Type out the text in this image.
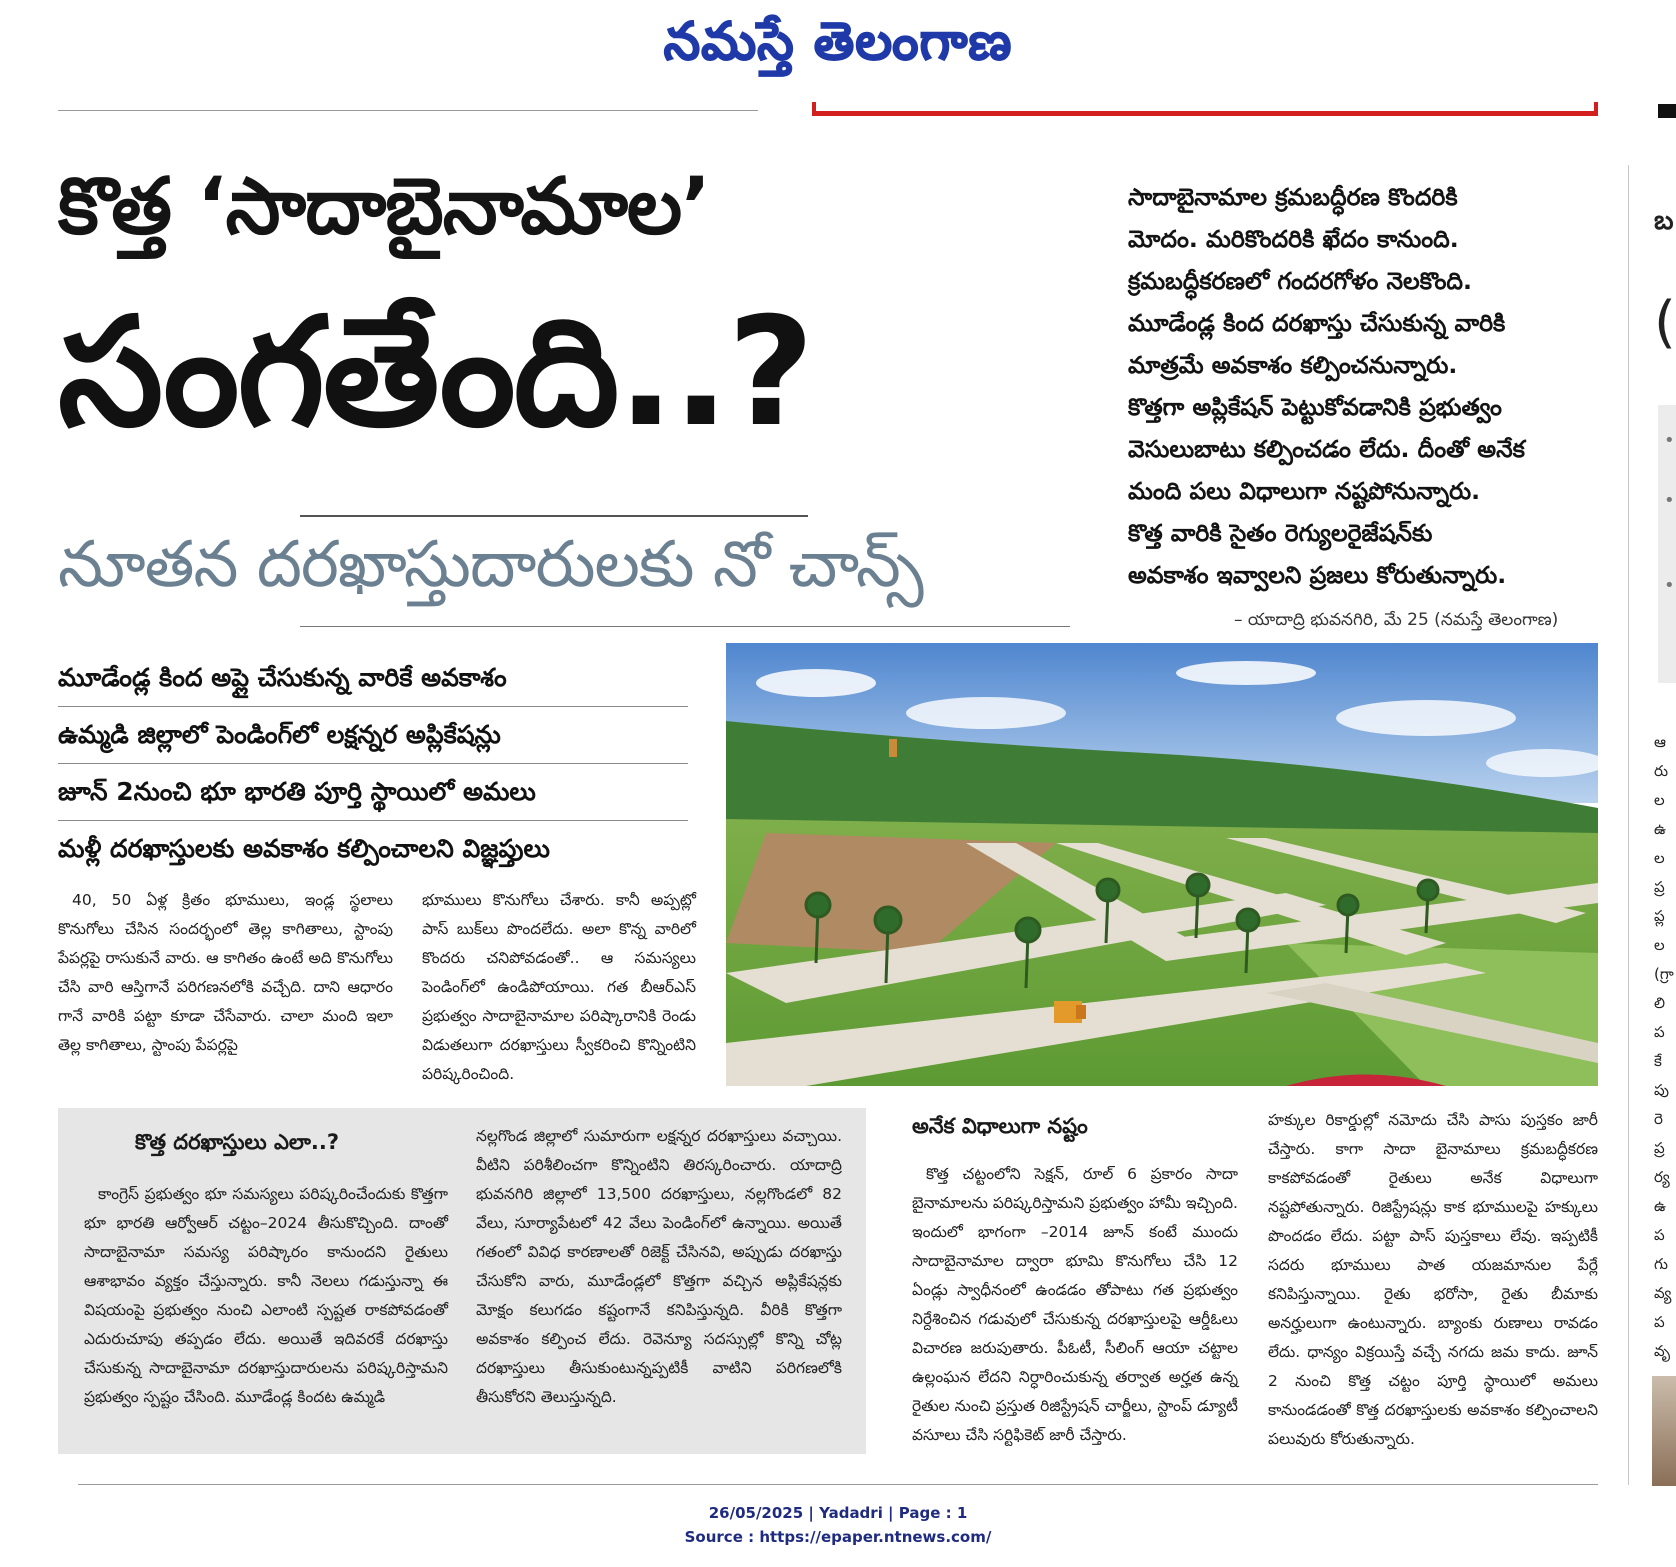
నమస్తే తెలంగాణ
కొత్త ‘సాదాబైనామాల’
సంగతేంది..?
నూతన దరఖాస్తుదారులకు నో చాన్స్

సాదాబైనామాల క్రమబద్ధీరణ కొందరికి

మోదం. మరికొందరికి ఖేదం కానుంది.

క్రమబద్ధీకరణలో గందరగోళం నెలకొంది.

మూడేండ్ల కింద దరఖాస్తు చేసుకున్న వారికి

మాత్రమే అవకాశం కల్పించనున్నారు.

కొత్తగా అప్లికేషన్ పెట్టుకోవడానికి ప్రభుత్వం

వెసులుబాటు కల్పించడం లేదు. దీంతో అనేక

మంది పలు విధాలుగా నష్టపోనున్నారు.

కొత్త వారికి సైతం రెగ్యులరైజేషన్‌కు

అవకాశం ఇవ్వాలని ప్రజలు కోరుతున్నారు.

– యాదాద్రి భువనగిరి, మే 25 (నమస్తే తెలంగాణ)
మూడేండ్ల కింద అప్లై చేసుకున్న వారికే అవకాశం
ఉమ్మడి జిల్లాలో పెండింగ్‌లో లక్షన్నర అప్లికేషన్లు
జూన్ 2నుంచి భూ భారతి పూర్తి స్థాయిలో అమలు
మళ్లీ దరఖాస్తులకు అవకాశం కల్పించాలని విజ్ఞప్తులు

40, 50 ఏళ్ల క్రితం భూములు, ఇండ్ల స్థలాలు కొనుగోలు చేసిన సందర్భంలో తెల్ల కాగితాలు, స్టాంపు పేపర్లపై రాసుకునే వారు. ఆ కాగితం ఉంటే అది కొనుగోలు చేసి వారి ఆస్తిగానే పరిగణనలోకి వచ్చేది. దాని ఆధారం గానే వారికి పట్టా కూడా చేసేవారు. చాలా మంది ఇలా తెల్ల కాగితాలు, స్టాంపు పేపర్లపై

భూములు కొనుగోలు చేశారు. కానీ అప్పట్లో పాస్ బుక్‌లు పొందలేదు. అలా కొన్న వారిలో కొందరు చనిపోవడంతో.. ఆ సమస్యలు పెండింగ్‌లో ఉండిపోయాయి. గత బీఆర్‌ఎస్ ప్రభుత్వం సాదాబైనామాల పరిష్కారానికి రెండు విడుతలుగా దరఖాస్తులు స్వీకరించి కొన్నింటిని పరిష్కరించింది.

కొత్త దరఖాస్తులు ఎలా..?

కాంగ్రెస్ ప్రభుత్వం భూ సమస్యలు పరిష్కరించేందుకు కొత్తగా భూ భారతి ఆర్వోఆర్ చట్టం–2024 తీసుకొచ్చింది. దాంతో సాదాబైనామా సమస్య పరిష్కారం కానుందని రైతులు ఆశాభావం వ్యక్తం చేస్తున్నారు. కానీ నెలలు గడుస్తున్నా ఈ విషయంపై ప్రభుత్వం నుంచి ఎలాంటి స్పష్టత రాకపోవడంతో ఎదురుచూపు తప్పడం లేదు. అయితే ఇదివరకే దరఖాస్తు చేసుకున్న సాదాబైనామా దరఖాస్తుదారులను పరిష్కరిస్తామని ప్రభుత్వం స్పష్టం చేసింది. మూడేండ్ల కిందట ఉమ్మడి

నల్లగొండ జిల్లాలో సుమారుగా లక్షన్నర దరఖాస్తులు వచ్చాయి. వీటిని పరిశీలించగా కొన్నింటిని తిరస్కరించారు. యాదాద్రి భువనగిరి జిల్లాలో 13,500 దరఖాస్తులు, నల్లగొండలో 82 వేలు, సూర్యాపేటలో 42 వేలు పెండింగ్‌లో ఉన్నాయి. అయితే గతంలో వివిధ కారణాలతో రిజెక్ట్ చేసినవి, అప్పుడు దరఖాస్తు చేసుకోని వారు, మూడేండ్లలో కొత్తగా వచ్చిన అప్లికేషన్లకు మోక్షం కలుగడం కష్టంగానే కనిపిస్తున్నది. వీరికి కొత్తగా అవకాశం కల్పించ లేదు. రెవెన్యూ సదస్సుల్లో కొన్ని చోట్ల దరఖాస్తులు తీసుకుంటున్నప్పటికీ వాటిని పరిగణలోకి తీసుకోరని తెలుస్తున్నది.

అనేక విధాలుగా నష్టం

కొత్త చట్టంలోని సెక్షన్, రూల్ 6 ప్రకారం సాదా బైనామాలను పరిష్కరిస్తామని ప్రభుత్వం హామీ ఇచ్చింది. ఇందులో భాగంగా –2014 జూన్ కంటే ముందు సాదాబైనామాల ద్వారా భూమి కొనుగోలు చేసి 12 ఏండ్లు స్వాధీనంలో ఉండడం తోపాటు గత ప్రభుత్వం నిర్దేశించిన గడువులో చేసుకున్న దరఖాస్తులపై ఆర్డీఓలు విచారణ జరుపుతారు. పీఓటీ, సీలింగ్ ఆయా చట్టాల ఉల్లంఘన లేదని నిర్ధారించుకున్న తర్వాత అర్హత ఉన్న రైతుల నుంచి ప్రస్తుత రిజిస్ట్రేషన్ చార్జీలు, స్టాంప్ డ్యూటీ వసూలు చేసి సర్టిఫికెట్ జారీ చేస్తారు.

హక్కుల రికార్డుల్లో నమోదు చేసి పాసు పుస్తకం జారీ చేస్తారు. కాగా సాదా బైనామాలు క్రమబద్ధీకరణ కాకపోవడంతో రైతులు అనేక విధాలుగా నష్టపోతున్నారు. రిజిస్ట్రేషన్లు కాక భూములపై హక్కులు పొందడం లేదు. పట్టా పాస్ పుస్తకాలు లేవు. ఇప్పటికీ సదరు భూములు పాత యజమానుల పేర్లే కనిపిస్తున్నాయి. రైతు భరోసా, రైతు బీమాకు అనర్హులుగా ఉంటున్నారు. బ్యాంకు రుణాలు రావడం లేదు. ధాన్యం విక్రయిస్తే వచ్చే నగదు జమ కాదు. జూన్ 2 నుంచి కొత్త చట్టం పూర్తి స్థాయిలో అమలు కానుండడంతో కొత్త దరఖాస్తులకు అవకాశం కల్పించాలని పలువురు కోరుతున్నారు.

26/05/2025 | Yadadri | Page : 1
Source : https://epaper.ntnews.com/
బ
(
•
•
•
ఆ
రు
ల
ఉ
ల
ప్ర
ప్ల
ల
(గ్రా
లి
ప
కే
పు
రె
ప్ర
ర్య
ఉ
ప
గు
వ్య
ప
వృ
